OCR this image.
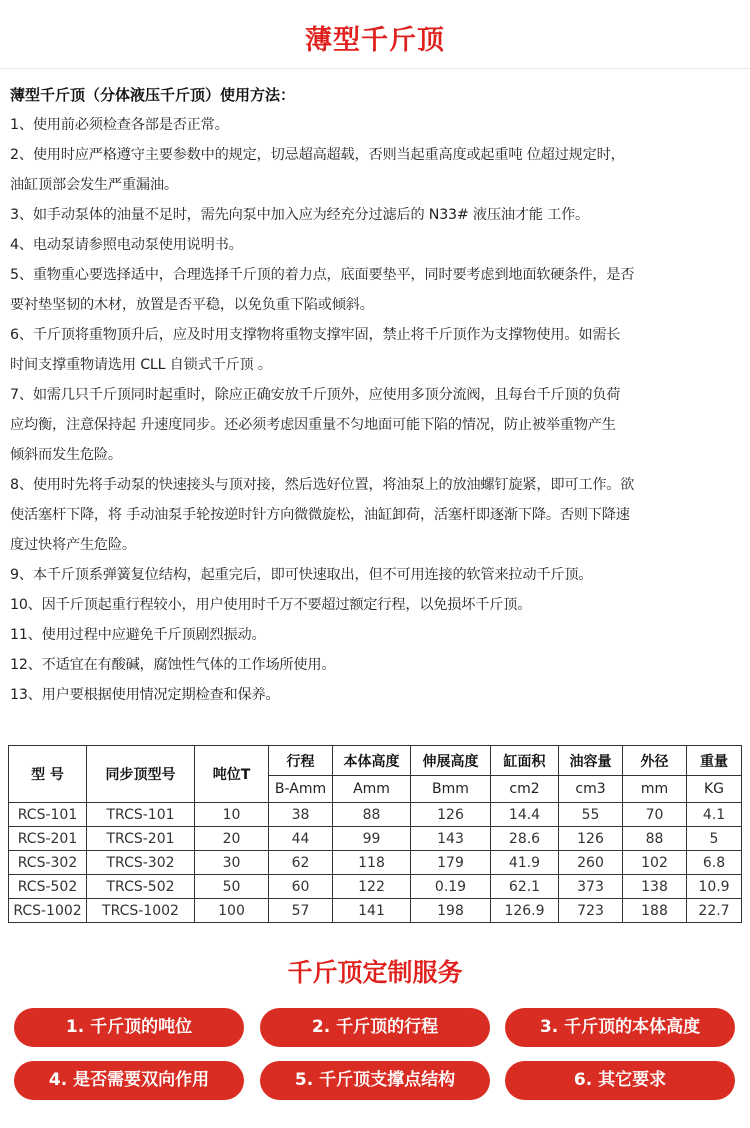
薄型千斤顶
薄型千斤顶（分体液压千斤顶）使用方法：
1、使用前必须检查各部是否正常。
2、使用时应严格遵守主要参数中的规定，切忌超高超载，否则当起重高度或起重吨 位超过规定时，
油缸顶部会发生严重漏油。
3、如手动泵体的油量不足时，需先向泵中加入应为经充分过滤后的 N33# 液压油才能 工作。
4、电动泵请参照电动泵使用说明书。
5、重物重心要选择适中，合理选择千斤顶的着力点，底面要垫平，同时要考虑到地面软硬条件，是否
要衬垫坚韧的木材，放置是否平稳，以免负重下陷或倾斜。
6、千斤顶将重物顶升后，应及时用支撑物将重物支撑牢固，禁止将千斤顶作为支撑物使用。如需长
时间支撑重物请选用 CLL 自锁式千斤顶 。
7、如需几只千斤顶同时起重时，除应正确安放千斤顶外，应使用多顶分流阀，且每台千斤顶的负荷
应均衡，注意保持起 升速度同步。还必须考虑因重量不匀地面可能下陷的情况，防止被举重物产生
倾斜而发生危险。
8、使用时先将手动泵的快速接头与顶对接，然后选好位置，将油泵上的放油螺钉旋紧，即可工作。欲
使活塞杆下降，将 手动油泵手轮按逆时针方向微微旋松，油缸卸荷，活塞杆即逐渐下降。否则下降速
度过快将产生危险。
9、本千斤顶系弹簧复位结构，起重完后，即可快速取出，但不可用连接的软管来拉动千斤顶。
10、因千斤顶起重行程较小，用户使用时千万不要超过额定行程，以免损坏千斤顶。
11、使用过程中应避免千斤顶剧烈振动。
12、不适宜在有酸碱，腐蚀性气体的工作场所使用。
13、用户要根据使用情况定期检查和保养。
型 号	同步顶型号	吨位T	行程	本体高度	伸展高度	缸面积	油容量	外径	重量
			B-Amm	Amm	Bmm	cm2	cm3	mm	KG
RCS-101	TRCS-101	10	38	88	126	14.4	55	70	4.1
RCS-201	TRCS-201	20	44	99	143	28.6	126	88	5
RCS-302	TRCS-302	30	62	118	179	41.9	260	102	6.8
RCS-502	TRCS-502	50	60	122	0.19	62.1	373	138	10.9
RCS-1002	TRCS-1002	100	57	141	198	126.9	723	188	22.7
千斤顶定制服务
1. 千斤顶的吨位	2. 千斤顶的行程	3. 千斤顶的本体高度
4. 是否需要双向作用	5. 千斤顶支撑点结构	6. 其它要求
